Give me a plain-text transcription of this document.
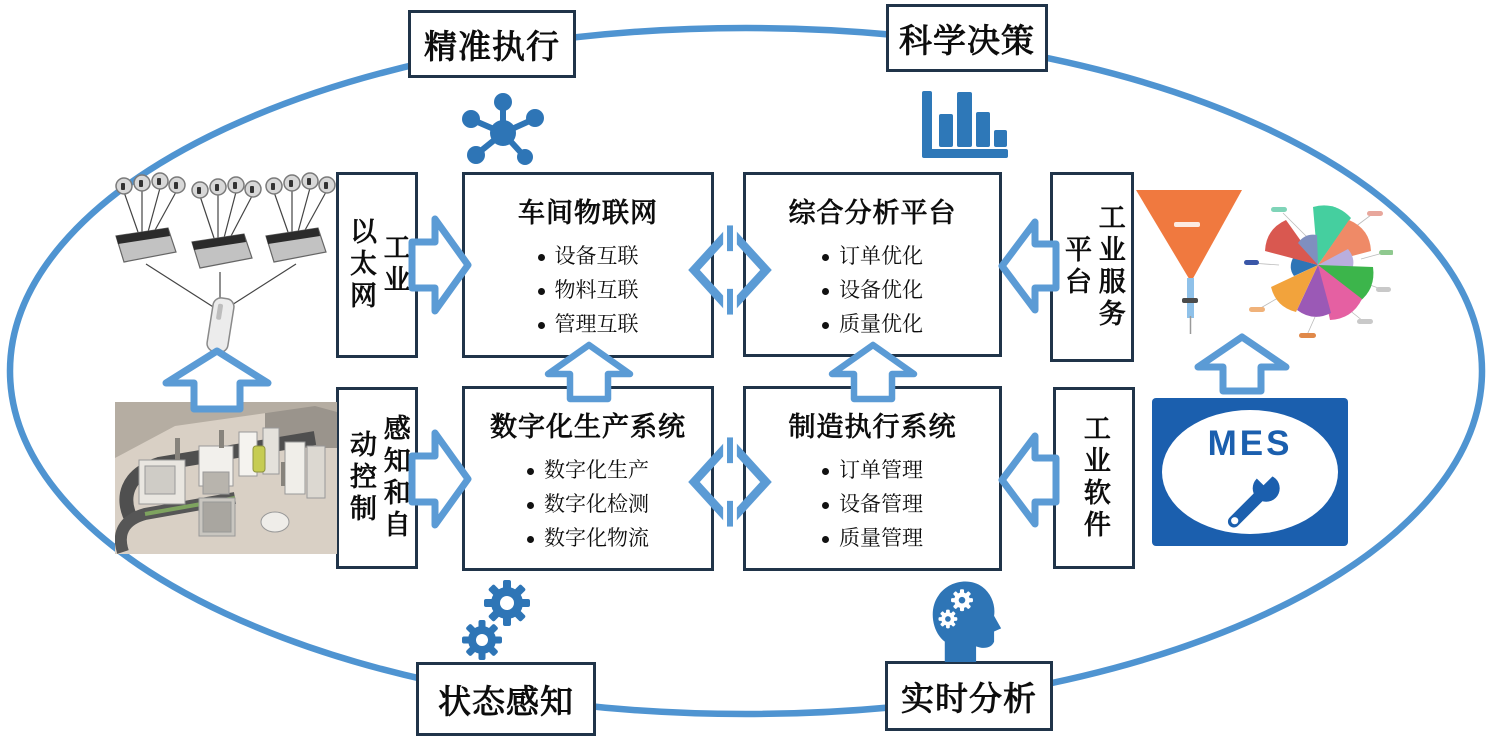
精准执行	科学决策
状态感知	实时分析
车间物联网
设备互联
物料互联
管理互联
综合分析平台
订单优化
设备优化
质量优化
数字化生产系统
数字化生产
数字化检测
数字化物流
制造执行系统
订单管理
设备管理
质量管理
工业
以太网
感知和自
动控制
工业服务
平台
工业软件	MES
